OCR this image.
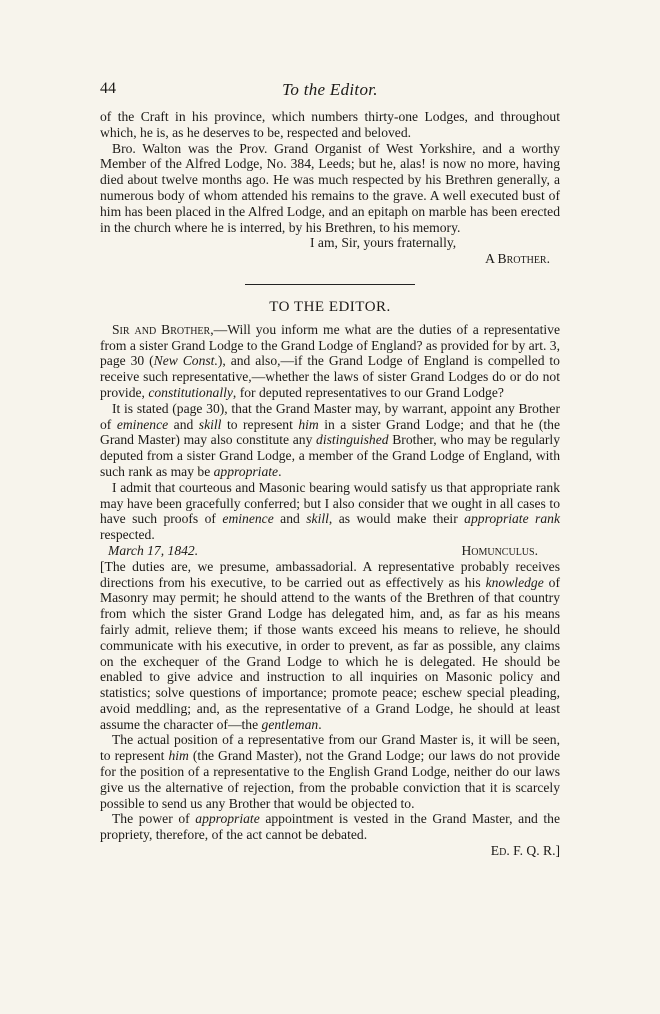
44	To the Editor.

of the Craft in his province, which numbers thirty-one Lodges, and throughout which, he is, as he deserves to be, respected and beloved.

Bro. Walton was the Prov. Grand Organist of West Yorkshire, and a worthy Member of the Alfred Lodge, No. 384, Leeds; but he, alas! is now no more, having died about twelve months ago. He was much respected by his Brethren generally, a numerous body of whom attended his remains to the grave. A well executed bust of him has been placed in the Alfred Lodge, and an epitaph on marble has been erected in the church where he is interred, by his Brethren, to his memory.

I am, Sir, yours fraternally,

A Brother.

TO THE EDITOR.

Sir and Brother,—Will you inform me what are the duties of a representative from a sister Grand Lodge to the Grand Lodge of England? as provided for by art. 3, page 30 (New Const.), and also,—if the Grand Lodge of England is compelled to receive such representative,—whether the laws of sister Grand Lodges do or do not provide, constitutionally, for deputed representatives to our Grand Lodge?

It is stated (page 30), that the Grand Master may, by warrant, appoint any Brother of eminence and skill to represent him in a sister Grand Lodge; and that he (the Grand Master) may also constitute any distinguished Brother, who may be regularly deputed from a sister Grand Lodge, a member of the Grand Lodge of England, with such rank as may be appropriate.

I admit that courteous and Masonic bearing would satisfy us that appropriate rank may have been gracefully conferred; but I also consider that we ought in all cases to have such proofs of eminence and skill, as would make their appropriate rank respected.

March 17, 1842.	Homunculus.

[The duties are, we presume, ambassadorial. A representative probably receives directions from his executive, to be carried out as effectively as his knowledge of Masonry may permit; he should attend to the wants of the Brethren of that country from which the sister Grand Lodge has delegated him, and, as far as his means fairly admit, relieve them; if those wants exceed his means to relieve, he should communicate with his executive, in order to prevent, as far as possible, any claims on the exchequer of the Grand Lodge to which he is delegated. He should be enabled to give advice and instruction to all inquiries on Masonic policy and statistics; solve questions of importance; promote peace; eschew special pleading, avoid meddling; and, as the representative of a Grand Lodge, he should at least assume the character of—the gentleman.

The actual position of a representative from our Grand Master is, it will be seen, to represent him (the Grand Master), not the Grand Lodge; our laws do not provide for the position of a representative to the English Grand Lodge, neither do our laws give us the alternative of rejection, from the probable conviction that it is scarcely possible to send us any Brother that would be objected to.

The power of appropriate appointment is vested in the Grand Master, and the propriety, therefore, of the act cannot be debated.

Ed. F. Q. R.]
